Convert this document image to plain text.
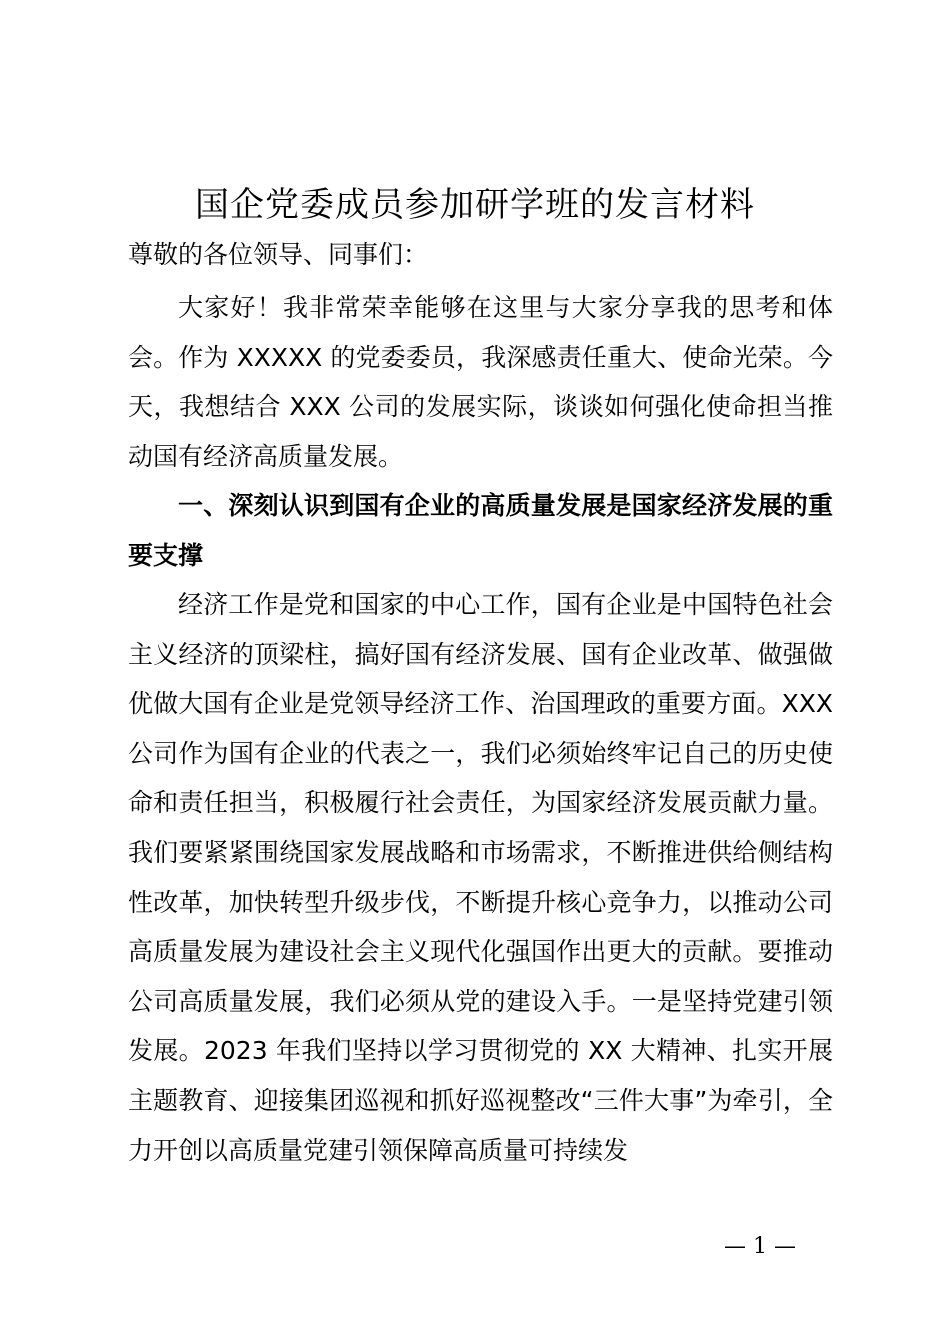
国企党委成员参加研学班的发言材料
尊敬的各位领导、同事们：

大家好！我非常荣幸能够在这里与大家分享我的思考和体会。作为 XXXXX 的党委委员，我深感责任重大、使命光荣。今天，我想结合 XXX 公司的发展实际，谈谈如何强化使命担当推动国有经济高质量发展。

一、深刻认识到国有企业的高质量发展是国家经济发展的重要支撑

经济工作是党和国家的中心工作，国有企业是中国特色社会主义经济的顶梁柱，搞好国有经济发展、国有企业改革、做强做优做大国有企业是党领导经济工作、治国理政的重要方面。XXX 公司作为国有企业的代表之一，我们必须始终牢记自己的历史使命和责任担当，积极履行社会责任，为国家经济发展贡献力量。我们要紧紧围绕国家发展战略和市场需求，不断推进供给侧结构性改革，加快转型升级步伐，不断提升核心竞争力，以推动公司高质量发展为建设社会主义现代化强国作出更大的贡献。要推动公司高质量发展，我们必须从党的建设入手。一是坚持党建引领发展。2023 年我们坚持以学习贯彻党的 XX 大精神、扎实开展主题教育、迎接集团巡视和抓好巡视整改“三件大事”为牵引，全力开创以高质量党建引领保障高质量可持续发

— 1 —
